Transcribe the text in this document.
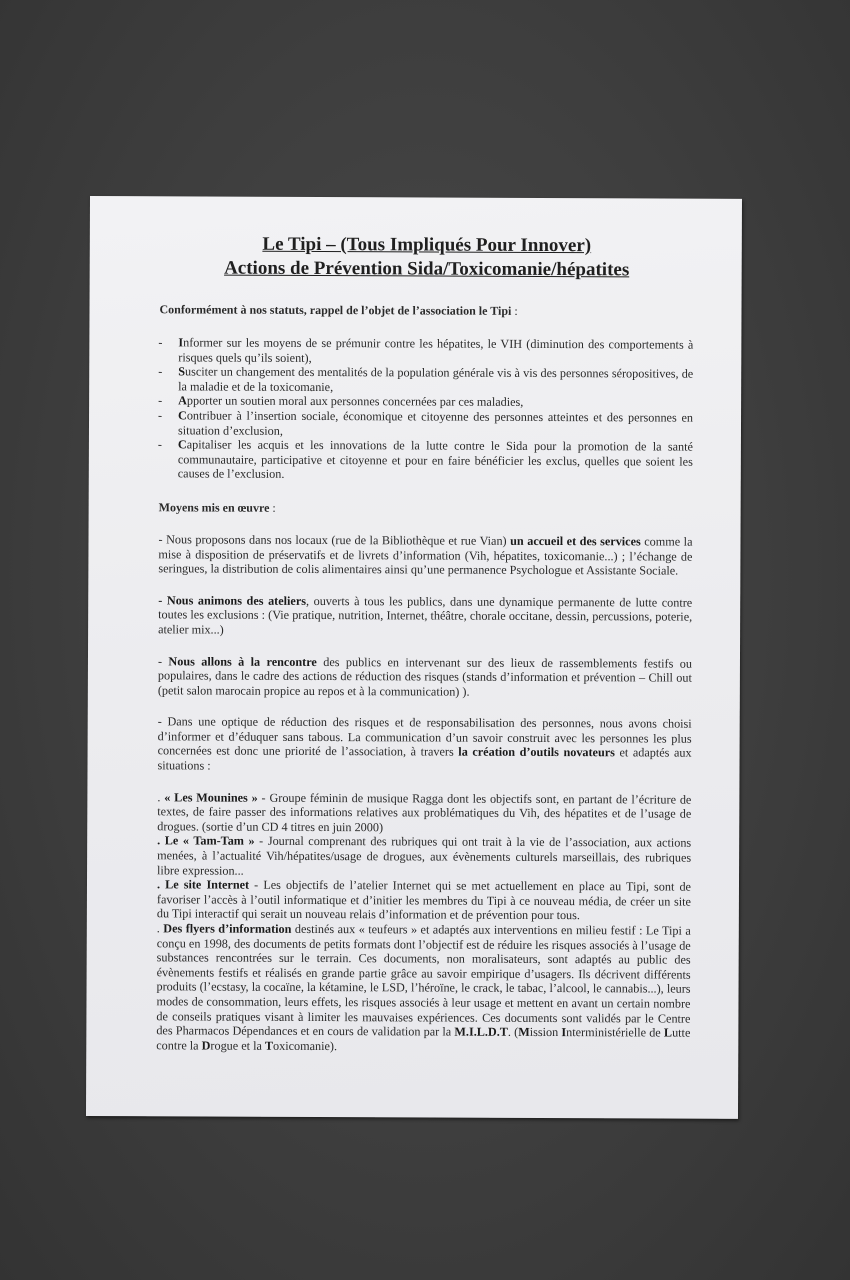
Le Tipi – (Tous Impliqués Pour Innover)
Actions de Prévention Sida/Toxicomanie/hépatites
Conformément à nos statuts, rappel de l’objet de l’association le Tipi :
- Informer sur les moyens de se prémunir contre les hépatites, le VIH (diminution des comportements à risques quels qu’ils soient),
- Susciter un changement des mentalités de la population générale vis à vis des personnes séropositives, de la maladie et de la toxicomanie,
- Apporter un soutien moral aux personnes concernées par ces maladies,
- Contribuer à l’insertion sociale, économique et citoyenne des personnes atteintes et des personnes en situation d’exclusion,
- Capitaliser les acquis et les innovations de la lutte contre le Sida pour la promotion de la santé communautaire, participative et citoyenne et pour en faire bénéficier les exclus, quelles que soient les causes de l’exclusion.
Moyens mis en œuvre :
- Nous proposons dans nos locaux (rue de la Bibliothèque et rue Vian) un accueil et des services comme la mise à disposition de préservatifs et de livrets d’information (Vih, hépatites, toxicomanie...) ; l’échange de seringues, la distribution de colis alimentaires ainsi qu’une permanence Psychologue et Assistante Sociale.
- Nous animons des ateliers, ouverts à tous les publics, dans une dynamique permanente de lutte contre toutes les exclusions : (Vie pratique, nutrition, Internet, théâtre, chorale occitane, dessin, percussions, poterie, atelier mix...)
- Nous allons à la rencontre des publics en intervenant sur des lieux de rassemblements festifs ou populaires, dans le cadre des actions de réduction des risques (stands d’information et prévention – Chill out (petit salon marocain propice au repos et à la communication) ).
- Dans une optique de réduction des risques et de responsabilisation des personnes, nous avons choisi d’informer et d’éduquer sans tabous. La communication d’un savoir construit avec les personnes les plus concernées est donc une priorité de l’association, à travers la création d’outils novateurs et adaptés aux situations :
. « Les Mounines » - Groupe féminin de musique Ragga dont les objectifs sont, en partant de l’écriture de textes, de faire passer des informations relatives aux problématiques du Vih, des hépatites et de l’usage de drogues. (sortie d’un CD 4 titres en juin 2000)
. Le « Tam-Tam » - Journal comprenant des rubriques qui ont trait à la vie de l’association, aux actions menées, à l’actualité Vih/hépatites/usage de drogues, aux évènements culturels marseillais, des rubriques libre expression...
. Le site Internet - Les objectifs de l’atelier Internet qui se met actuellement en place au Tipi, sont de favoriser l’accès à l’outil informatique et d’initier les membres du Tipi à ce nouveau média, de créer un site du Tipi interactif qui serait un nouveau relais d’information et de prévention pour tous.
. Des flyers d’information destinés aux « teufeurs » et adaptés aux interventions en milieu festif : Le Tipi a conçu en 1998, des documents de petits formats dont l’objectif est de réduire les risques associés à l’usage de substances rencontrées sur le terrain. Ces documents, non moralisateurs, sont adaptés au public des évènements festifs et réalisés en grande partie grâce au savoir empirique d’usagers. Ils décrivent différents produits (l’ecstasy, la cocaïne, la kétamine, le LSD, l’héroïne, le crack, le tabac, l’alcool, le cannabis...), leurs modes de consommation, leurs effets, les risques associés à leur usage et mettent en avant un certain nombre de conseils pratiques visant à limiter les mauvaises expériences. Ces documents sont validés par le Centre des Pharmacos Dépendances et en cours de validation par la M.I.L.D.T. (Mission Interministérielle de Lutte contre la Drogue et la Toxicomanie).
